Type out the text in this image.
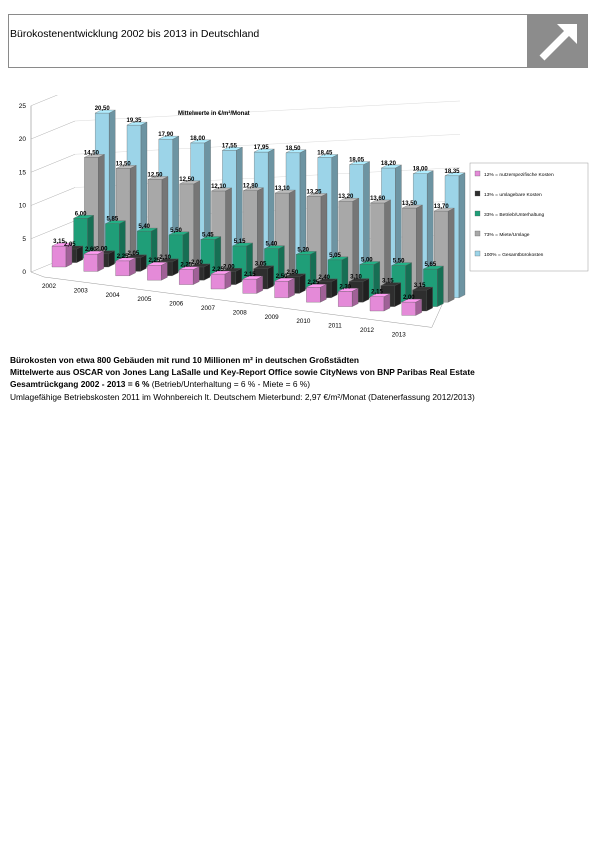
Bürokostenentwicklung 2002 bis 2013 in Deutschland
0
5
10
15
20
25
2002
2003
2004
2005
2006
2007
2008
2009
2010
2011
2012
2013
20,50
19,35
17,90
18,00
17,55	17,95	18,50
18,45
18,05
18,20
18,00	18,35
14,50
13,50
12,50
12,50
12,10	12,80	13,10
13,25
13,20	13,60
13,50
13,70
6,00
5,85
5,40
5,50
5,45
5,15	5,40
5,20
5,05
5,00	5,50
5,65
2,05
2,00
2,05
2,10
2,00
2,00	3,05
2,50
2,40	3,10
3,15
3,15
3,15
2,60
2,25
2,25
2,25
2,25
2,15	2,50
2,25
2,30
2,15
2,00
Mittelwerte in €/m²/Monat
12% = nutzerspezifische Kosten
13% = umlagebare Kosten
33% = Betrieb/Unterhaltung
73% = Miete/Umlage
100% = Gesamtbürokosten
Bürokosten von etwa 800 Gebäuden mit rund 10 Millionen m² in deutschen Großstädten
Mittelwerte aus OSCAR von Jones Lang LaSalle und Key-Report Office sowie CityNews von BNP Paribas Real Estate
Gesamtrückgang 2002 - 2013 = 6 % (Betrieb/Unterhaltung = 6 % - Miete = 6 %)
Umlagefähige Betriebskosten 2011 im Wohnbereich lt. Deutschem Mieterbund: 2,97 €/m²/Monat (Datenerfassung 2012/2013)
